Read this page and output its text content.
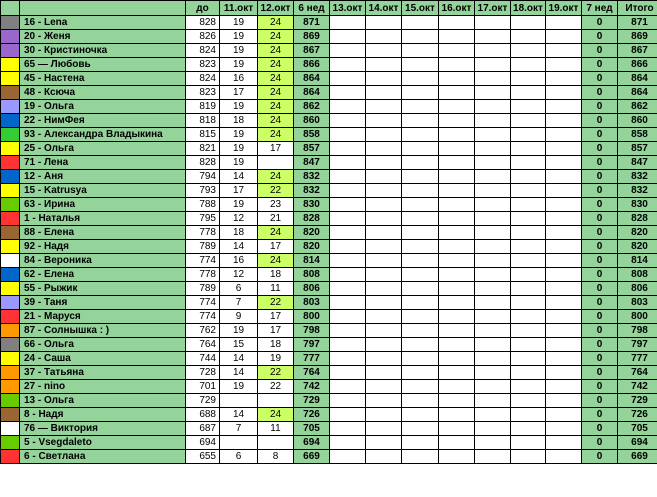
		до	11.окт	12.окт	6 нед	13.окт	14.окт	15.окт	16.окт	17.окт	18.окт	19.окт	7 нед	Итого
	16 - Lena	828	19	24	871								0	871
	20 - Женя	826	19	24	869								0	869
	30 - Кристиночка	824	19	24	867								0	867
	65 — Любовь	823	19	24	866								0	866
	45 - Настена	824	16	24	864								0	864
	48 - Ксюча	823	17	24	864								0	864
	19 - Ольга	819	19	24	862								0	862
	22 - НимФея	818	18	24	860								0	860
	93 - Александра Владыкина	815	19	24	858								0	858
	25 - Ольга	821	19	17	857								0	857
	71 - Лена	828	19		847								0	847
	12 - Аня	794	14	24	832								0	832
	15 - Katrusya	793	17	22	832								0	832
	63 - Ирина	788	19	23	830								0	830
	1 - Наталья	795	12	21	828								0	828
	88 - Елена	778	18	24	820								0	820
	92 - Надя	789	14	17	820								0	820
	84 - Вероника	774	16	24	814								0	814
	62 - Елена	778	12	18	808								0	808
	55 - Рыжик	789	6	11	806								0	806
	39 - Таня	774	7	22	803								0	803
	21 - Маруся	774	9	17	800								0	800
	87 - Солнышка : )	762	19	17	798								0	798
	66 - Ольга	764	15	18	797								0	797
	24 - Саша	744	14	19	777								0	777
	37 - Татьяна	728	14	22	764								0	764
	27 - nino	701	19	22	742								0	742
	13 - Ольга	729			729								0	729
	8 - Надя	688	14	24	726								0	726
	76 — Виктория	687	7	11	705								0	705
	5 - Vsegdaleto	694			694								0	694
	6 - Светлана	655	6	8	669								0	669
